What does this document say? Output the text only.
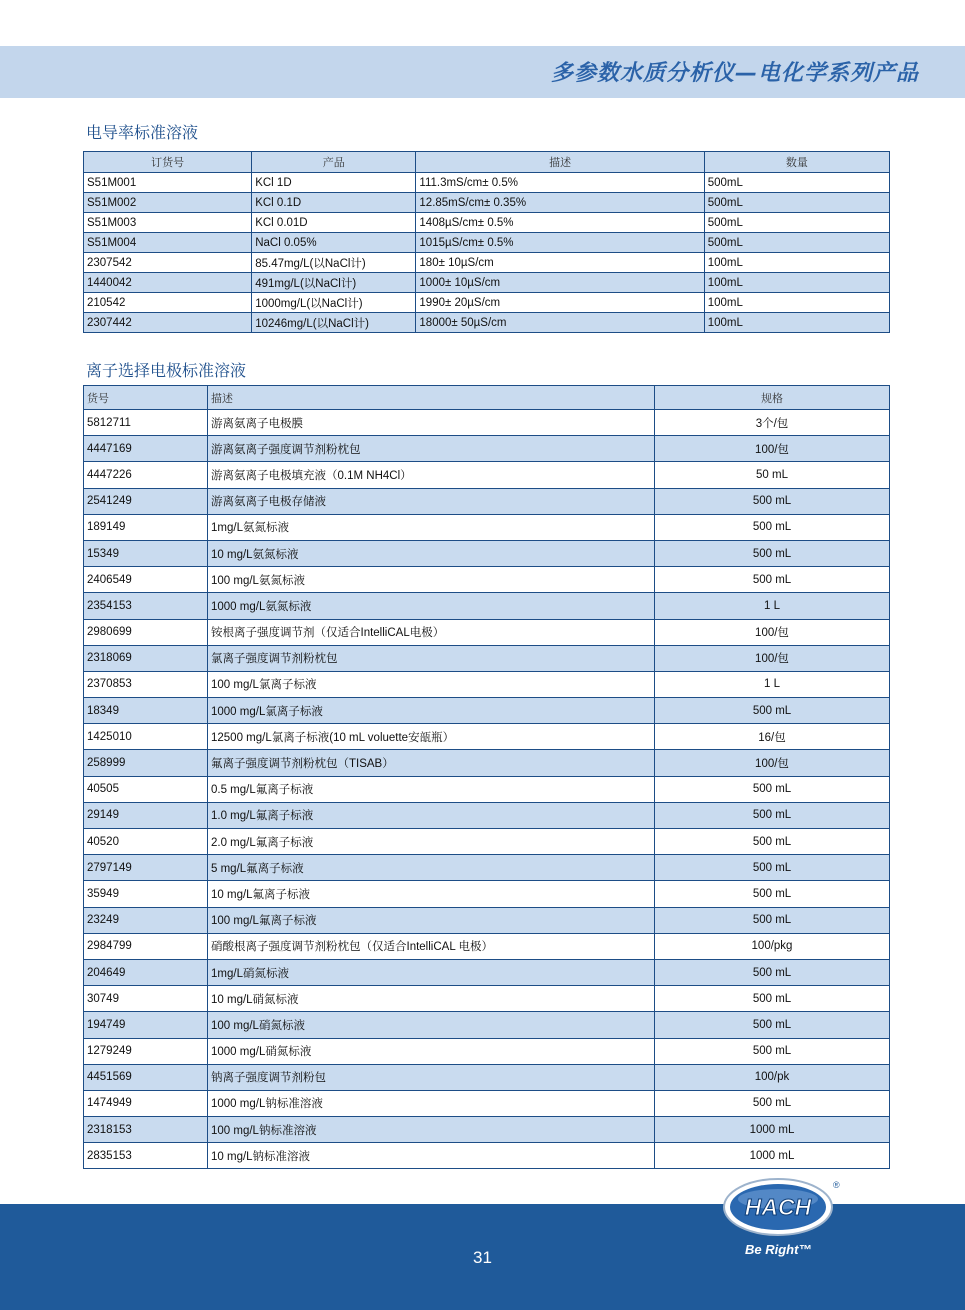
多参数水质分析仪—电化学系列产品
电导率标准溶液
订货号	产品	描述	数量
S51M001	KCl 1D	111.3mS/cm± 0.5%	500mL
S51M002	KCl 0.1D	12.85mS/cm± 0.35%	500mL
S51M003	KCl 0.01D	1408µS/cm± 0.5%	500mL
S51M004	NaCl 0.05%	1015µS/cm± 0.5%	500mL
2307542	85.47mg/L(以NaCl计)	180± 10µS/cm	100mL
1440042	491mg/L(以NaCl计)	1000± 10µS/cm	100mL
210542	1000mg/L(以NaCl计)	1990± 20µS/cm	100mL
2307442	10246mg/L(以NaCl计)	18000± 50µS/cm	100mL
离子选择电极标准溶液
货号	描述	规格
5812711	游离氨离子电极膜	3个/包
4447169	游离氨离子强度调节剂粉枕包	100/包
4447226	游离氨离子电极填充液（0.1M NH4Cl）	50 mL
2541249	游离氨离子电极存储液	500 mL
189149	1mg/L氨氮标液	500 mL
15349	10 mg/L氨氮标液	500 mL
2406549	100 mg/L氨氮标液	500 mL
2354153	1000 mg/L氨氮标液	1 L
2980699	铵根离子强度调节剂（仅适合IntelliCAL电极）	100/包
2318069	氯离子强度调节剂粉枕包	100/包
2370853	100 mg/L氯离子标液	1 L
18349	1000 mg/L氯离子标液	500 mL
1425010	12500 mg/L氯离子标液(10 mL voluette安瓿瓶）	16/包
258999	氟离子强度调节剂粉枕包（TISAB）	100/包
40505	0.5 mg/L氟离子标液	500 mL
29149	1.0 mg/L氟离子标液	500 mL
40520	2.0 mg/L氟离子标液	500 mL
2797149	5 mg/L氟离子标液	500 mL
35949	10 mg/L氟离子标液	500 mL
23249	100 mg/L氟离子标液	500 mL
2984799	硝酸根离子强度调节剂粉枕包（仅适合IntelliCAL 电极）	100/pkg
204649	1mg/L硝氮标液	500 mL
30749	10 mg/L硝氮标液	500 mL
194749	100 mg/L硝氮标液	500 mL
1279249	1000 mg/L硝氮标液	500 mL
4451569	钠离子强度调节剂粉包	100/pk
1474949	1000 mg/L钠标准溶液	500 mL
2318153	100 mg/L钠标准溶液	1000 mL
2835153	10 mg/L钠标准溶液	1000 mL
31
HACH
®
Be Right™
